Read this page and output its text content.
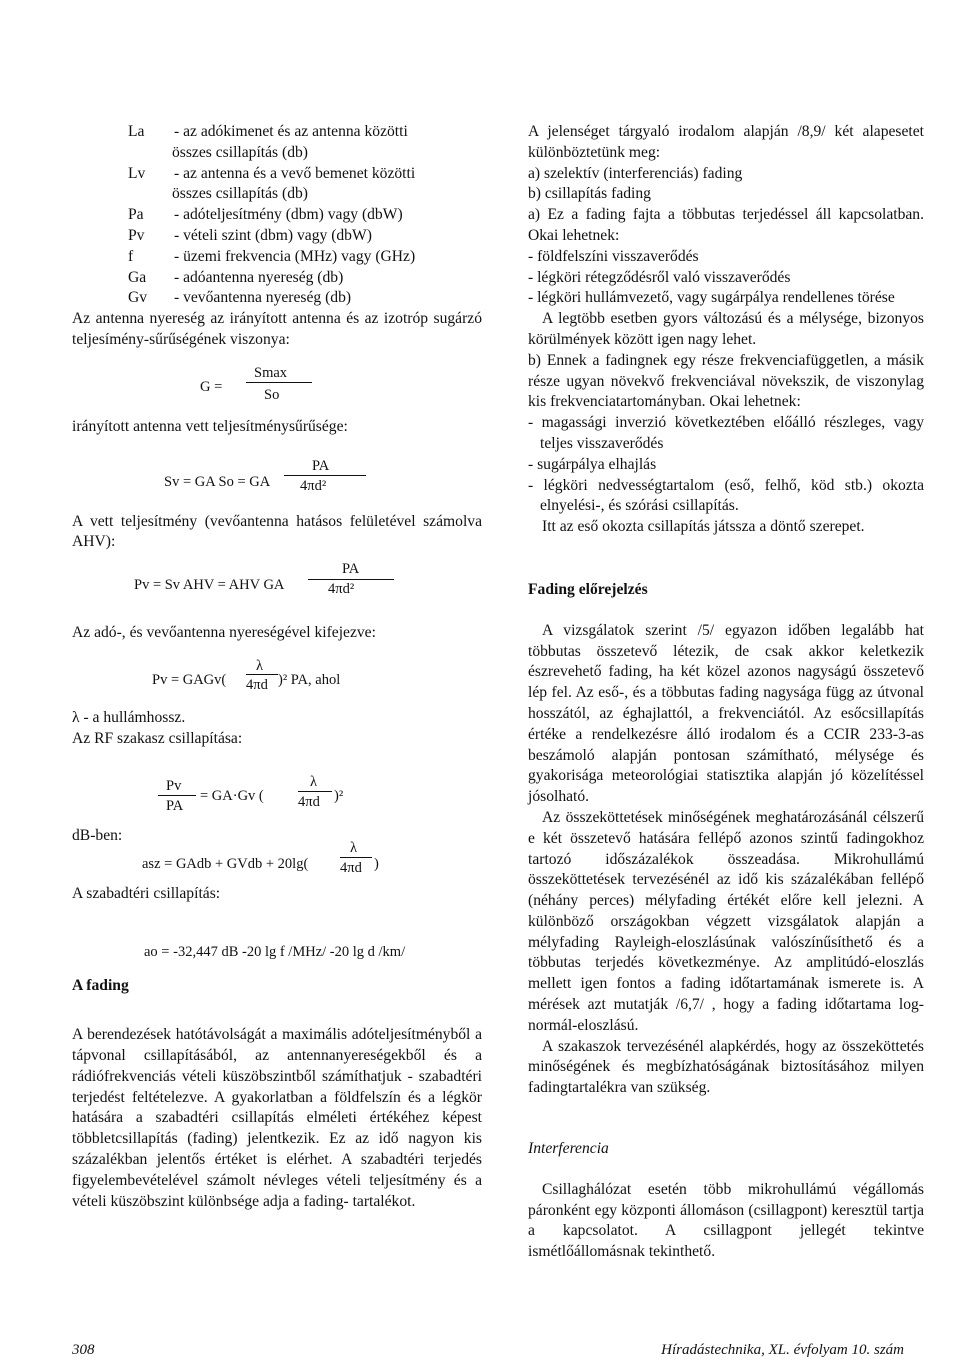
La	- az adókimenet és az antenna közötti
összes csillapítás (db)
Lv	- az antenna és a vevő bemenet közötti
összes csillapítás (db)
Pa	- adóteljesítmény (dbm) vagy (dbW)
Pv	- vételi szint (dbm) vagy (dbW)
f	- üzemi frekvencia (MHz) vagy (GHz)
Ga	- adóantenna nyereség (db)
Gv	- vevőantenna nyereség (db)

Az antenna nyereség az irányított antenna és az izotróp sugárzó teljesímény-sűrűségének viszonya:

G =
Smax
So

irányított antenna vett teljesítménysűrűsége:

Sv = GA So = GA
PA
4πd²

A vett teljesítmény (vevőantenna hatásos felületével számolva AHV):

Pv = Sv AHV = AHV GA
PA
4πd²

Az adó-, és vevőantenna nyereségével kifejezve:

Pv = GAGv(
λ
4πd )² PA, ahol

λ - a hullámhossz.

Az RF szakasz csillapítása:

Pv
PA
= GA·Gv (
λ
4πd )²
dB-ben:
asz = GAdb + GVdb + 20lg(
λ
4πd )

A szabadtéri csillapítás:

ao = -32,447 dB -20 lg f /MHz/ -20 lg d /km/

A fading

A berendezések hatótávolságát a maximális adóteljesítményből a tápvonal csillapításából, az antennanyereségekből és a rádiófrekvenciás vételi küszöbszintből számíthatjuk - szabadtéri terjedést feltételezve. A gyakorlatban a földfelszín és a légkör hatására a szabadtéri csillapítás elméleti értékéhez képest többletcsillapítás (fading) jelentkezik. Ez az idő nagyon kis százalékban jelentős értéket is elérhet. A szabadtéri terjedés figyelembevételével számolt névleges vételi teljesítmény és a vételi küszöbszint különbsége adja a fading- tartalékot.

A jelenséget tárgyaló irodalom alapján /8,9/ két alapesetet különböztetünk meg:

a) szelektív (interferenciás) fading

b) csillapítás fading

a) Ez a fading fajta a többutas terjedéssel áll kapcsolatban. Okai lehetnek:

- földfelszíni visszaverődés

- légköri rétegződésről való visszaverődés

- légköri hullámvezető, vagy sugárpálya rendellenes törése

A legtöbb esetben gyors változású és a mélysége, bizonyos körülmények között igen nagy lehet.

b) Ennek a fadingnek egy része frekvenciafüggetlen, a másik része ugyan növekvő frekvenciával növekszik, de viszonylag kis frekvenciatartományban. Okai lehetnek:

- magassági inverzió következtében előálló részleges, vagy teljes visszaverődés

- sugárpálya elhajlás

- légköri nedvességtartalom (eső, felhő, köd stb.) okozta elnyelési-, és szórási csillapítás.

Itt az eső okozta csillapítás játssza a döntő szerepet.

Fading előrejelzés

A vizsgálatok szerint /5/ egyazon időben legalább hat többutas összetevő létezik, de csak akkor keletkezik észrevehető fading, ha két közel azonos nagyságú összetevő lép fel. Az eső-, és a többutas fading nagysága függ az útvonal hosszától, az éghajlattól, a frekvenciától. Az esőcsillapítás értéke a rendelkezésre álló irodalom és a CCIR 233-3-as beszámoló alapján pontosan számítható, mélysége és gyakorisága meteorológiai statisztika alapján jó közelítéssel jósolható.

Az összeköttetések minőségének meghatározásánál célszerű e két összetevő hatására fellépő azonos szintű fadingokhoz tartozó időszázalékok összeadása. Mikrohullámú összeköttetések tervezésénél az idő kis százalékában fellépő (néhány perces) mélyfading értékét előre kell jelezni. A különböző országokban végzett vizsgálatok alapján a mélyfading Rayleigh-eloszlásúnak valószínűsíthető és a többutas terjedés következménye. Az amplitúdó-eloszlás mellett igen fontos a fading időtartamának ismerete is. A mérések azt mutatják /6,7/ , hogy a fading időtartama log-normál-eloszlású.

A szakaszok tervezésénél alapkérdés, hogy az összeköttetés minőségének és megbízhatóságának biztosításához milyen fadingtartalékra van szükség.

Interferencia

Csillaghálózat esetén több mikrohullámú végállomás páronként egy központi állomáson (csillagpont) keresztül tartja a kapcsolatot. A csillagpont jellegét tekintve ismétlőállomásnak tekinthető.

308	Híradástechnika, XL. évfolyam 10. szám
